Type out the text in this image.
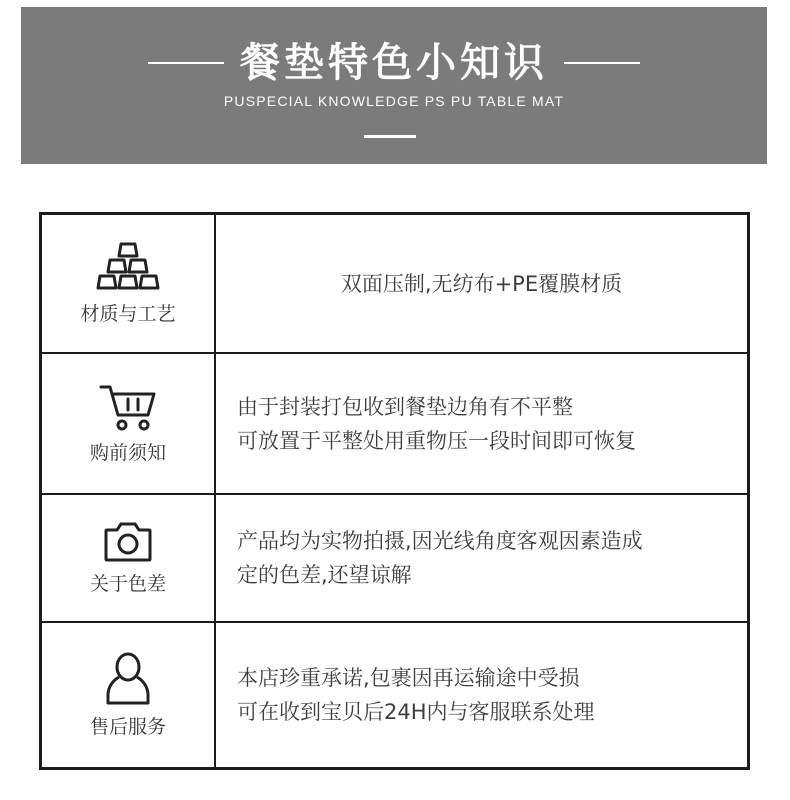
餐垫特色小知识
PUSPECIAL KNOWLEDGE PS PU TABLE MAT
材质与工艺
双面压制,无纺布+PE覆膜材质
购前须知
由于封装打包收到餐垫边角有不平整
可放置于平整处用重物压一段时间即可恢复
关于色差
产品均为实物拍摄,因光线角度客观因素造成
定的色差,还望谅解
售后服务
本店珍重承诺,包裹因再运输途中受损
可在收到宝贝后24H内与客服联系处理
